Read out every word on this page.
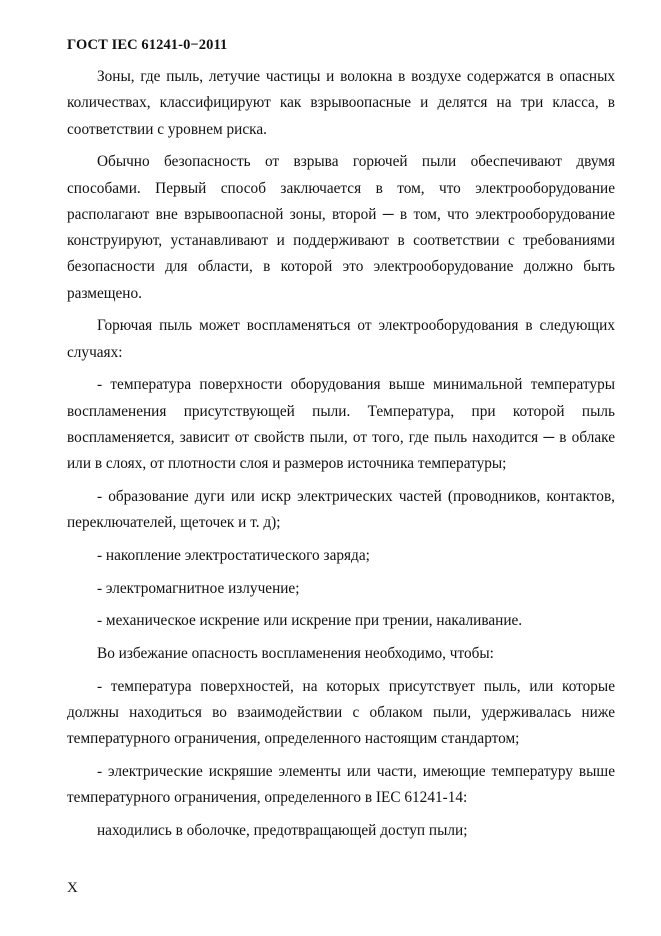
ГОСТ IEC 61241-0−2011

Зоны, где пыль, летучие частицы и волокна в воздухе содержатся в опасных количествах, классифицируют как взрывоопасные и делятся на три класса, в соответствии с уровнем риска.

Обычно безопасность от взрыва горючей пыли обеспечивают двумя способами. Первый способ заключается в том, что электрооборудование располагают вне взрывоопасной зоны, второй ─ в том, что электрооборудование конструируют, устанавливают и поддерживают в соответствии с требованиями безопасности для области, в которой это электрооборудование должно быть размещено.

Горючая пыль может воспламеняться от электрооборудования в следующих случаях:

- температура поверхности оборудования выше минимальной температуры воспламенения присутствующей пыли. Температура, при которой пыль воспламеняется, зависит от свойств пыли, от того, где пыль находится ─ в облаке или в слоях, от плотности слоя и размеров источника температуры;

- образование дуги или искр электрических частей (проводников, контактов, переключателей, щеточек и т. д);

- накопление электростатического заряда;

- электромагнитное излучение;

- механическое искрение или искрение при трении, накаливание.

Во избежание опасность воспламенения необходимо, чтобы:

- температура поверхностей, на которых присутствует пыль, или которые должны находиться во взаимодействии с облаком пыли, удерживалась ниже температурного ограничения, определенного настоящим стандартом;

- электрические искряшие элементы или части, имеющие температуру выше температурного ограничения, определенного в IEC 61241-14:

находились в оболочке, предотвращающей доступ пыли;

X
